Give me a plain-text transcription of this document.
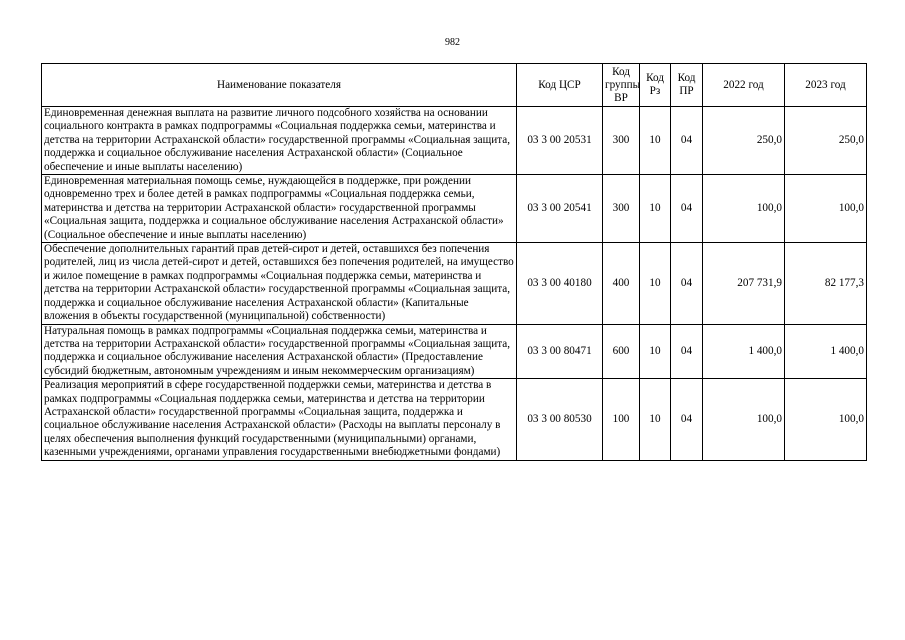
982
Наименование показателя	Код ЦСР	Код группы ВР	Код Рз	Код ПР	2022 год	2023 год
Единовременная денежная выплата на развитие личного подсобного хозяйства на основании социального контракта в рамках подпрограммы «Социальная поддержка семьи, материнства и детства на территории Астраханской области» государственной программы «Социальная защита, поддержка и социальное обслуживание населения Астраханской области» (Социальное обеспечение и иные выплаты населению)	03 3 00 20531	300	10	04	250,0	250,0
Единовременная материальная помощь семье, нуждающейся в поддержке, при рождении одновременно трех и более детей в рамках подпрограммы «Социальная поддержка семьи, материнства и детства на территории Астраханской области» государственной программы «Социальная защита, поддержка и социальное обслуживание населения Астраханской области» (Социальное обеспечение и иные выплаты населению)	03 3 00 20541	300	10	04	100,0	100,0
Обеспечение дополнительных гарантий прав детей-сирот и детей, оставшихся без попечения родителей, лиц из числа детей-сирот и детей, оставшихся без попечения родителей, на имущество и жилое помещение в рамках подпрограммы «Социальная поддержка семьи, материнства и детства на территории Астраханской области» государственной программы «Социальная защита, поддержка и социальное обслуживание населения Астраханской области» (Капитальные вложения в объекты государственной (муниципальной) собственности)	03 3 00 40180	400	10	04	207 731,9	82 177,3
Натуральная помощь в рамках подпрограммы «Социальная поддержка семьи, материнства и детства на территории Астраханской области» государственной программы «Социальная защита, поддержка и социальное обслуживание населения Астраханской области» (Предоставление субсидий бюджетным, автономным учреждениям и иным некоммерческим организациям)	03 3 00 80471	600	10	04	1 400,0	1 400,0
Реализация мероприятий в сфере государственной поддержки семьи, материнства и детства в рамках подпрограммы «Социальная поддержка семьи, материнства и детства на территории Астраханской области» государственной программы «Социальная защита, поддержка и социальное обслуживание населения Астраханской области» (Расходы на выплаты персоналу в целях обеспечения выполнения функций государственными (муниципальными) органами, казенными учреждениями, органами управления государственными внебюджетными фондами)	03 3 00 80530	100	10	04	100,0	100,0
